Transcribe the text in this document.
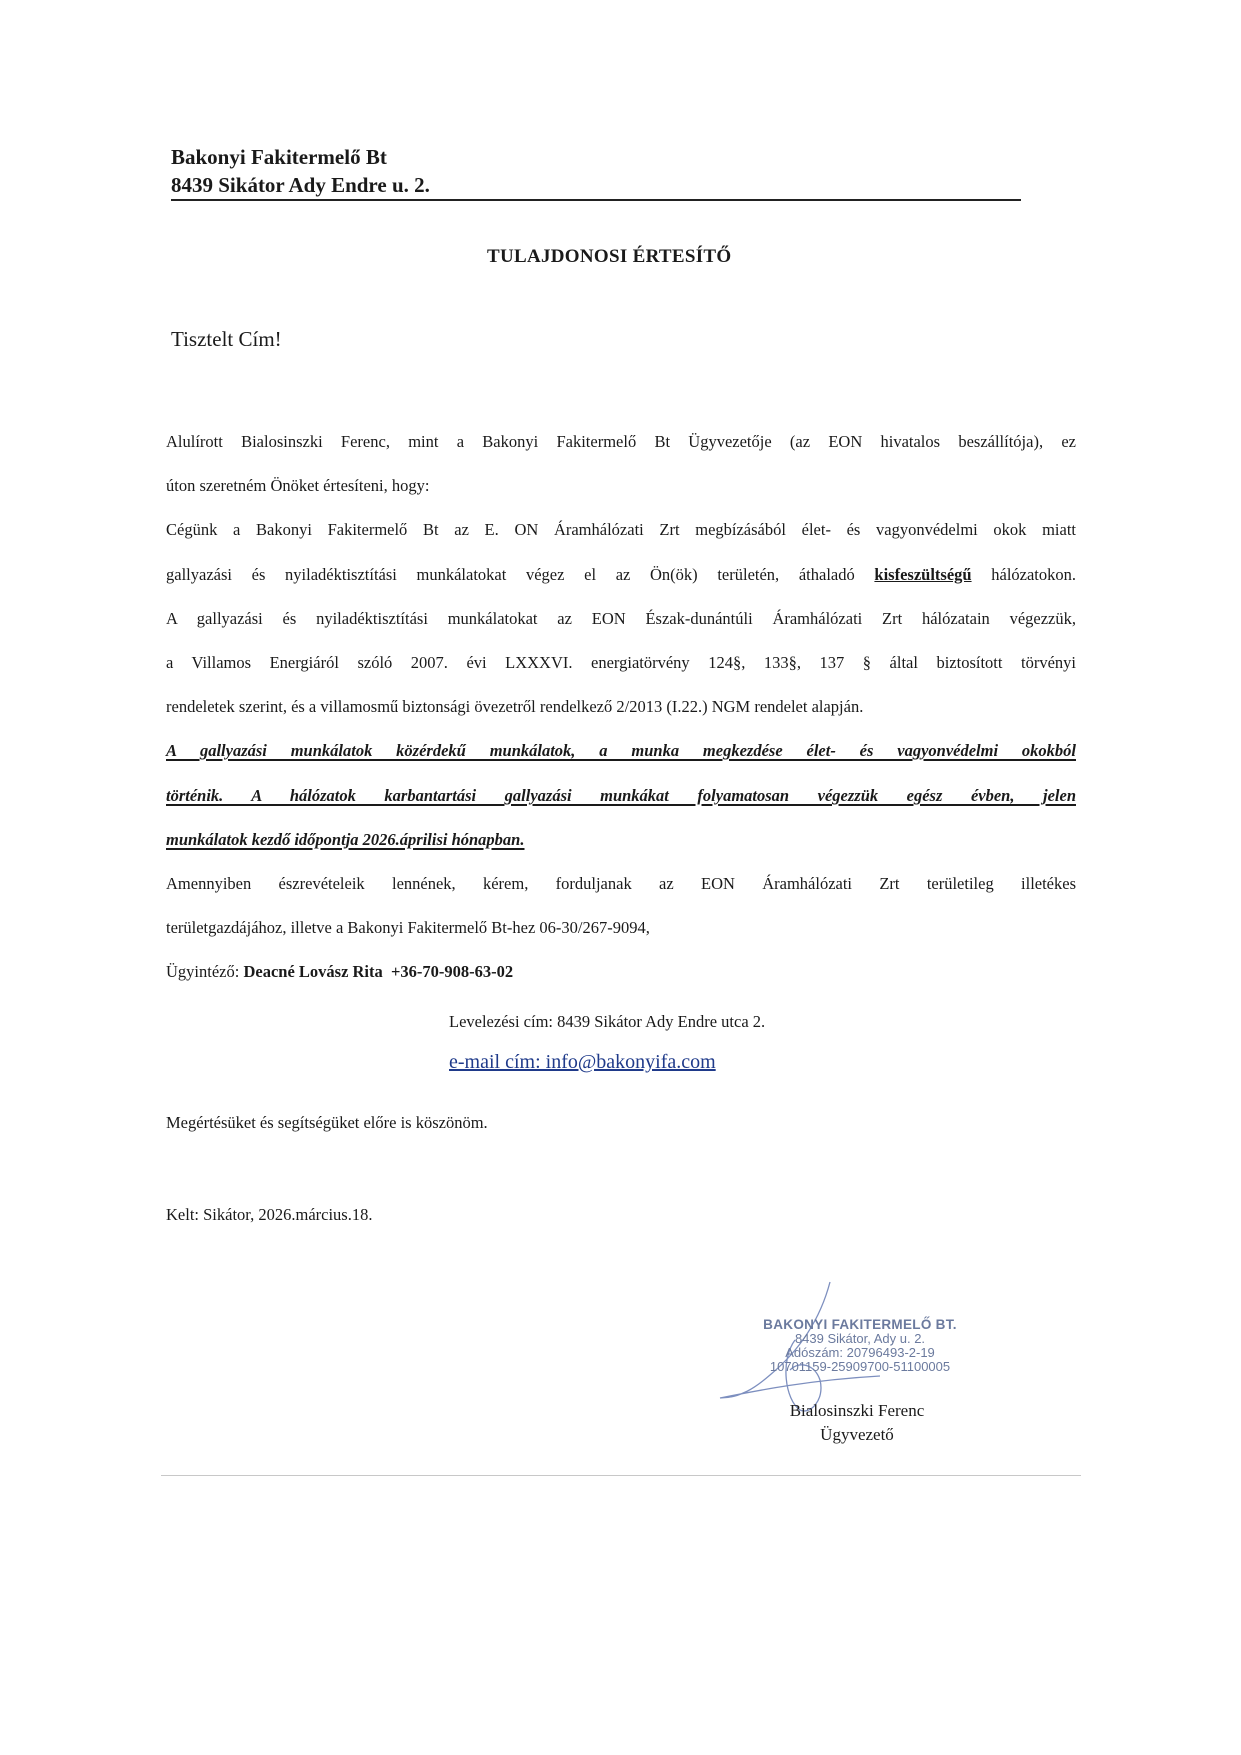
Bakonyi Fakitermelő Bt
8439 Sikátor Ady Endre u. 2.
TULAJDONOSI ÉRTESÍTŐ
Tisztelt Cím!
Alulírott Bialosinszki Ferenc, mint a Bakonyi Fakitermelő Bt Ügyvezetője (az EON hivatalos beszállítója), ez
úton szeretném Önöket értesíteni, hogy:
Cégünk a Bakonyi Fakitermelő Bt az E. ON Áramhálózati Zrt megbízásából élet- és vagyonvédelmi okok miatt
gallyazási és nyiladéktisztítási munkálatokat végez el az Ön(ök) területén, áthaladó kisfeszültségű hálózatokon.
A gallyazási és nyiladéktisztítási munkálatokat az EON Észak-dunántúli Áramhálózati Zrt hálózatain végezzük,
a Villamos Energiáról szóló 2007. évi LXXXVI. energiatörvény 124§, 133§, 137 § által biztosított törvényi
rendeletek szerint, és a villamosmű biztonsági övezetről rendelkező 2/2013 (I.22.) NGM rendelet alapján.
A gallyazási munkálatok közérdekű munkálatok, a munka megkezdése élet- és vagyonvédelmi okokból
történik. A hálózatok karbantartási gallyazási munkákat folyamatosan végezzük egész évben, jelen
munkálatok kezdő időpontja 2026.áprilisi hónapban.
Amennyiben észrevételeik lennének, kérem, forduljanak az EON Áramhálózati Zrt területileg illetékes
területgazdájához, illetve a Bakonyi Fakitermelő Bt-hez 06-30/267-9094,
Ügyintéző: Deacné Lovász Rita  +36-70-908-63-02
Levelezési cím: 8439 Sikátor Ady Endre utca 2.
e-mail cím: info@bakonyifa.com
Megértésüket és segítségüket előre is köszönöm.
Kelt: Sikátor, 2026.március.18.
BAKONYI FAKITERMELŐ BT.
8439 Sikátor, Ady u. 2.
Adószám: 20796493-2-19
10701159-25909700-51100005
Bialosinszki Ferenc
Ügyvezető
